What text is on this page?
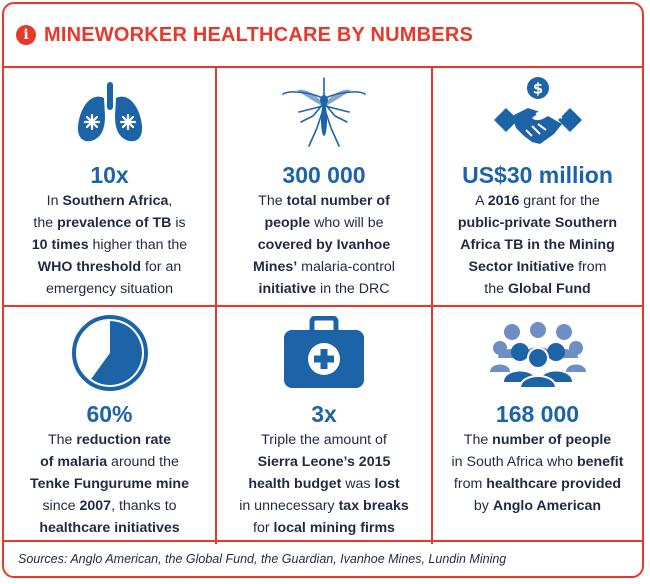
i MINEWORKER HEALTHCARE BY NUMBERS
10x
In Southern Africa,
the prevalence of TB is
10 times higher than the
WHO threshold for an
emergency situation
300 000
The total number of
people who will be
covered by Ivanhoe
Mines’ malaria-control
initiative in the DRC
$
US$30 million
A 2016 grant for the
public-private Southern
Africa TB in the Mining
Sector Initiative from
the Global Fund
60%
The reduction rate
of malaria around the
Tenke Fungurume mine
since 2007, thanks to
healthcare initiatives
3x
Triple the amount of
Sierra Leone’s 2015
health budget was lost
in unnecessary tax breaks
for local mining firms
168 000
The number of people
in South Africa who benefit
from healthcare provided
by Anglo American
Sources: Anglo American, the Global Fund, the Guardian, Ivanhoe Mines, Lundin Mining
